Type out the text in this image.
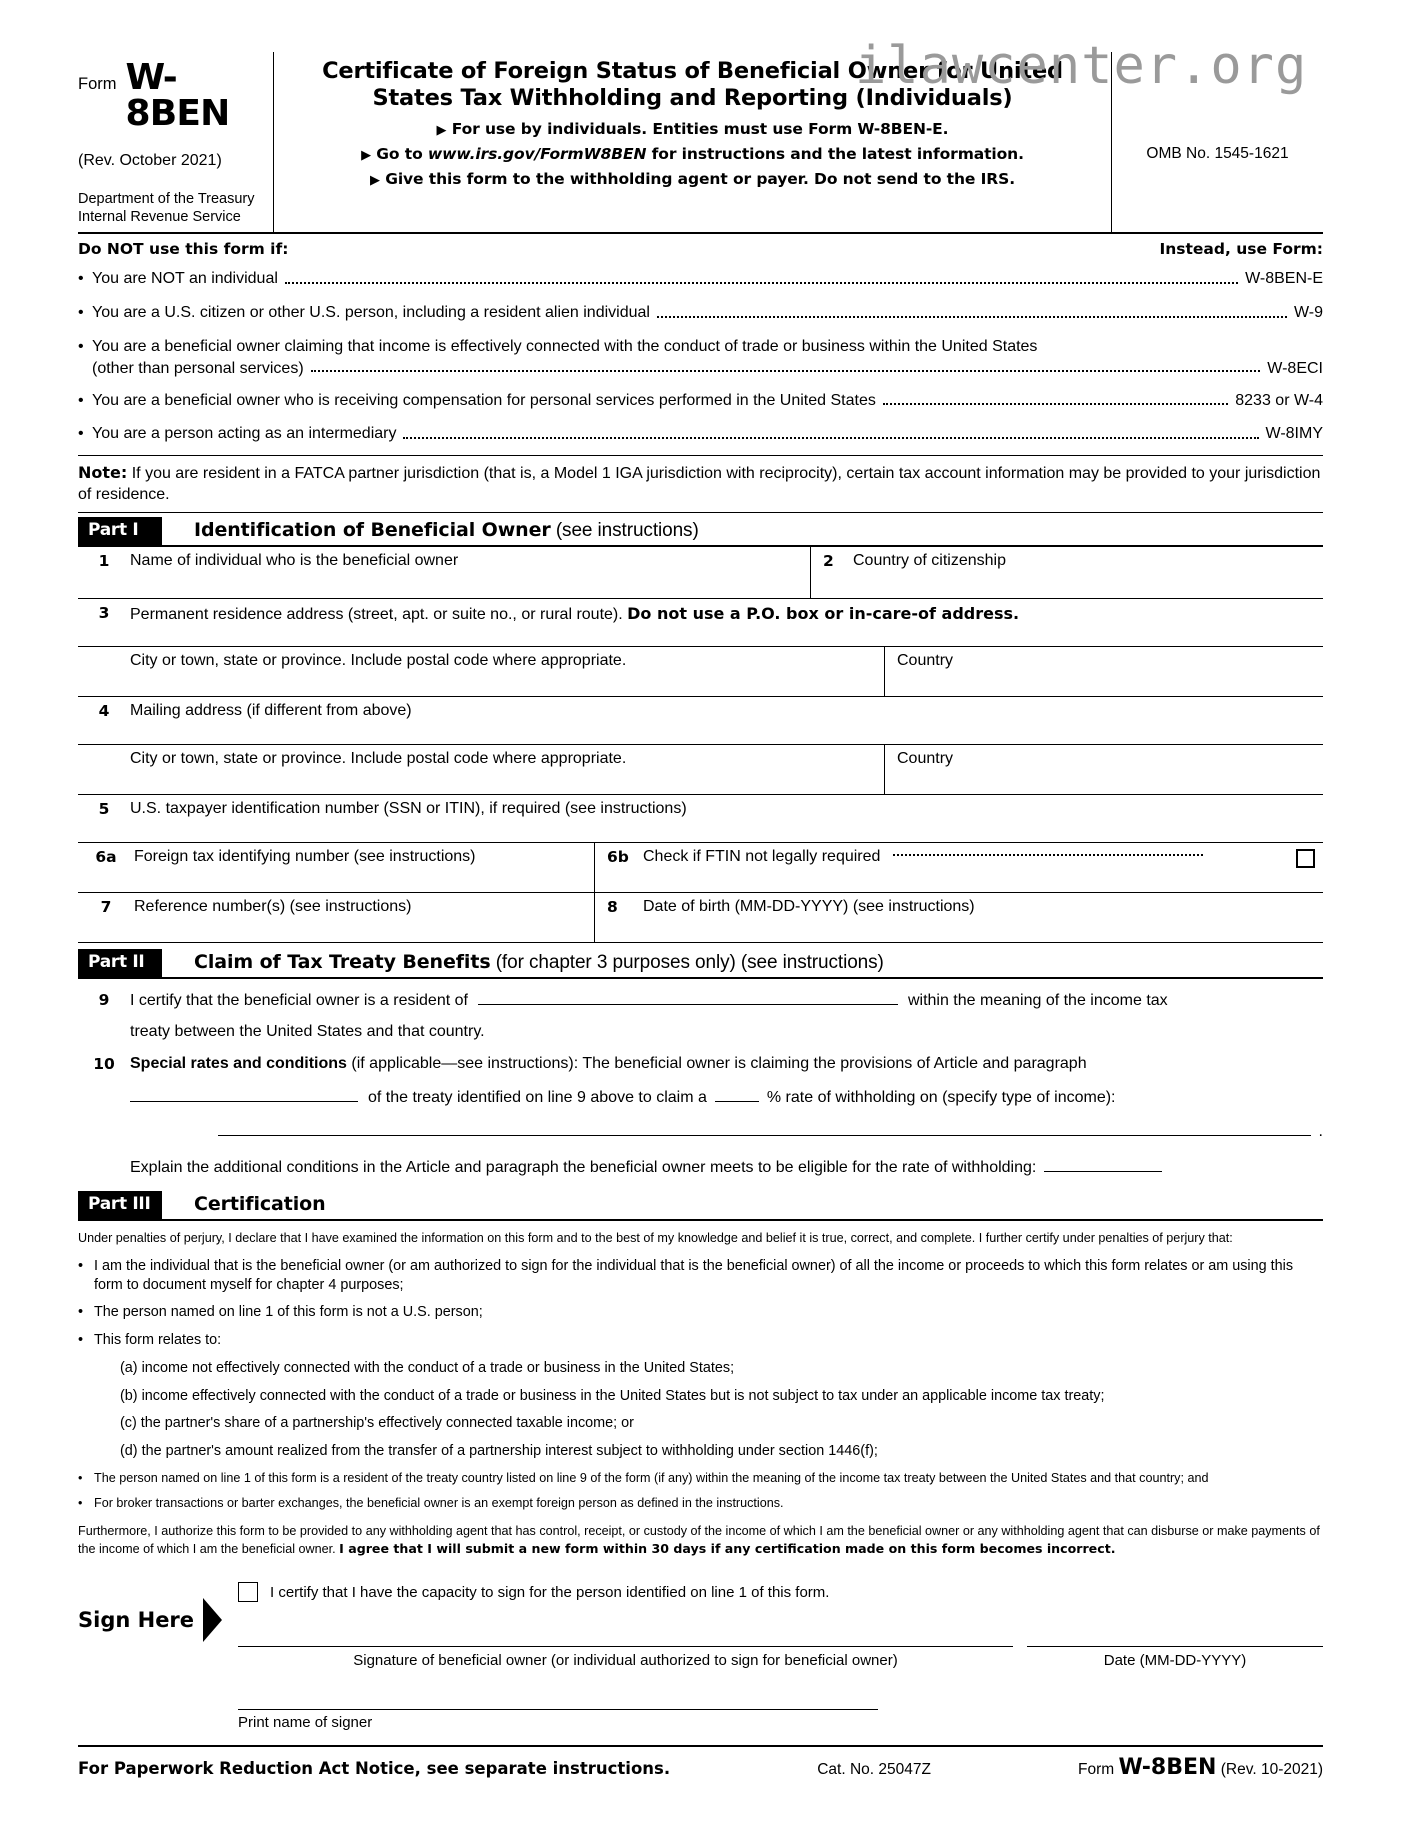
ilawcenter.org
Form W-8BEN
(Rev. October 2021)
Department of the Treasury
Internal Revenue Service
Certificate of Foreign Status of Beneficial Owner for United
States Tax Withholding and Reporting (Individuals)
▶ For use by individuals. Entities must use Form W-8BEN-E.
▶ Go to www.irs.gov/FormW8BEN for instructions and the latest information.
▶ Give this form to the withholding agent or payer. Do not send to the IRS.
OMB No. 1545-1621
Do NOT use this form if:	Instead, use Form:
• You are NOT an individual	W-8BEN-E
• You are a U.S. citizen or other U.S. person, including a resident alien individual	W-9
• You are a beneficial owner claiming that income is effectively connected with the conduct of trade or business within the United States
(other than personal services)	W-8ECI
• You are a beneficial owner who is receiving compensation for personal services performed in the United States	8233 or W-4
• You are a person acting as an intermediary	W-8IMY
Note: If you are resident in a FATCA partner jurisdiction (that is, a Model 1 IGA jurisdiction with reciprocity), certain tax account information may be provided to your jurisdiction of residence.
Part I	Identification of Beneficial Owner (see instructions)
1 Name of individual who is the beneficial owner	2 Country of citizenship
3 Permanent residence address (street, apt. or suite no., or rural route). Do not use a P.O. box or in-care-of address.
City or town, state or province. Include postal code where appropriate.	Country
4 Mailing address (if different from above)
City or town, state or province. Include postal code where appropriate.	Country
5 U.S. taxpayer identification number (SSN or ITIN), if required (see instructions)
6a Foreign tax identifying number (see instructions)	6b Check if FTIN not legally required
7 Reference number(s) (see instructions)	8 Date of birth (MM-DD-YYYY) (see instructions)
Part II	Claim of Tax Treaty Benefits (for chapter 3 purposes only) (see instructions)
9	I certify that the beneficial owner is a resident of	within the meaning of the income tax
treaty between the United States and that country.
10 Special rates and conditions (if applicable—see instructions): The beneficial owner is claiming the provisions of Article and paragraph
of the treaty identified on line 9 above to claim a	% rate of withholding on (specify type of income):
.
Explain the additional conditions in the Article and paragraph the beneficial owner meets to be eligible for the rate of withholding:
Part III	Certification
Under penalties of perjury, I declare that I have examined the information on this form and to the best of my knowledge and belief it is true, correct, and complete. I further certify under penalties of perjury that:
• I am the individual that is the beneficial owner (or am authorized to sign for the individual that is the beneficial owner) of all the income or proceeds to which this form relates or am using this form to document myself for chapter 4 purposes;
• The person named on line 1 of this form is not a U.S. person;
• This form relates to:
(a) income not effectively connected with the conduct of a trade or business in the United States;
(b) income effectively connected with the conduct of a trade or business in the United States but is not subject to tax under an applicable income tax treaty;
(c) the partner's share of a partnership's effectively connected taxable income; or
(d) the partner's amount realized from the transfer of a partnership interest subject to withholding under section 1446(f);
• The person named on line 1 of this form is a resident of the treaty country listed on line 9 of the form (if any) within the meaning of the income tax treaty between the United States and that country; and
• For broker transactions or barter exchanges, the beneficial owner is an exempt foreign person as defined in the instructions.
Furthermore, I authorize this form to be provided to any withholding agent that has control, receipt, or custody of the income of which I am the beneficial owner or any withholding agent that can disburse or make payments of the income of which I am the beneficial owner. I agree that I will submit a new form within 30 days if any certification made on this form becomes incorrect.
Sign Here
I certify that I have the capacity to sign for the person identified on line 1 of this form.
Signature of beneficial owner (or individual authorized to sign for beneficial owner)	Date (MM-DD-YYYY)
Print name of signer
For Paperwork Reduction Act Notice, see separate instructions.	Cat. No. 25047Z	Form W-8BEN (Rev. 10-2021)
